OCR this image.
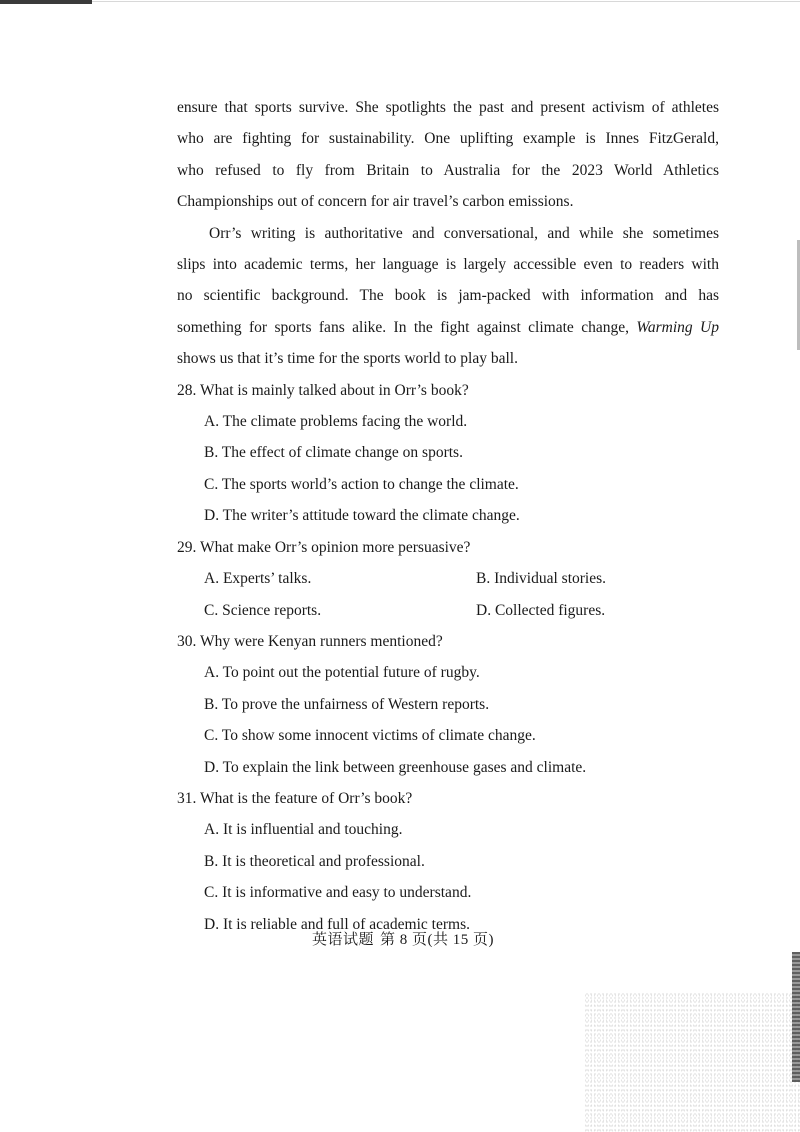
ensure that sports survive. She spotlights the past and present activism of athletes

who are fighting for sustainability. One uplifting example is Innes FitzGerald,

who refused to fly from Britain to Australia for the 2023 World Athletics

Championships out of concern for air travel’s carbon emissions.

Orr’s writing is authoritative and conversational, and while she sometimes

slips into academic terms, her language is largely accessible even to readers with

no scientific background. The book is jam-packed with information and has

something for sports fans alike. In the fight against climate change, Warming Up

shows us that it’s time for the sports world to play ball.

28. What is mainly talked about in Orr’s book?

A. The climate problems facing the world.

B. The effect of climate change on sports.

C. The sports world’s action to change the climate.

D. The writer’s attitude toward the climate change.

29. What make Orr’s opinion more persuasive?

A. Experts’ talks.	B. Individual stories.
C. Science reports.	D. Collected figures.

30. Why were Kenyan runners mentioned?

A. To point out the potential future of rugby.

B. To prove the unfairness of Western reports.

C. To show some innocent victims of climate change.

D. To explain the link between greenhouse gases and climate.

31. What is the feature of Orr’s book?

A. It is influential and touching.

B. It is theoretical and professional.

C. It is informative and easy to understand.

D. It is reliable and full of academic terms.

英语试题 第 8 页(共 15 页)
